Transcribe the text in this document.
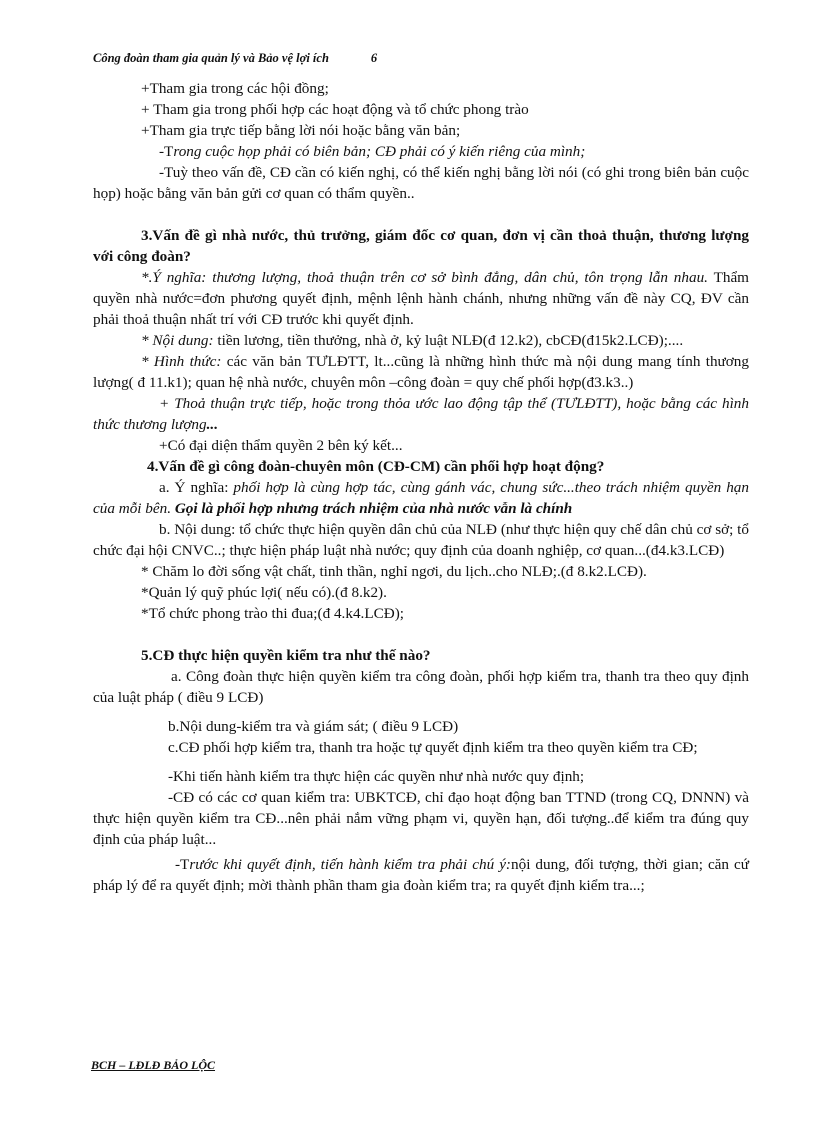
Công đoàn tham gia quản lý và Bảo vệ lợi ích	6
+Tham gia trong các hội đồng;
+ Tham gia trong phối hợp các hoạt động và tổ chức phong trào
+Tham gia trực tiếp bằng lời nói hoặc bằng văn bản;
-Trong cuộc họp phải có biên bản; CĐ phải có ý kiến riêng của mình;
-Tuỳ theo vấn đề, CĐ cần có kiến nghị, có thể kiến nghị bằng lời nói (có ghi trong biên bản cuộc họp) hoặc bằng văn bản gửi cơ quan có thẩm quyền..
3.Vấn đề gì nhà nước, thủ trưởng, giám đốc cơ quan, đơn vị cần thoả thuận, thương lượng với công đoàn?
*.Ý nghĩa: thương lượng, thoả thuận trên cơ sở bình đẳng, dân chủ, tôn trọng lẫn nhau. Thẩm quyền nhà nước=đơn phương quyết định, mệnh lệnh hành chánh, nhưng những vấn đề này CQ, ĐV cần phải thoả thuận nhất trí với CĐ trước khi quyết định.
* Nội dung: tiền lương, tiền thưởng, nhà ở, kỷ luật NLĐ(đ 12.k2), cbCĐ(đ15k2.LCĐ);....
* Hình thức: các văn bản TƯLĐTT, lt...cũng là những hình thức mà nội dung mang tính thương lượng( đ 11.k1); quan hệ nhà nước, chuyên môn –công đoàn = quy chế phối hợp(đ3.k3..)
+ Thoả thuận trực tiếp, hoặc trong thỏa ước lao động tập thể (TƯLĐTT), hoặc bằng các hình thức thương lượng...
+Có đại diện thẩm quyền 2 bên ký kết...
4.Vấn đề gì công đoàn-chuyên môn (CĐ-CM) cần phối hợp hoạt động?
a. Ý nghĩa: phối hợp là cùng hợp tác, cùng gánh vác, chung sức...theo trách nhiệm quyền hạn của mỗi bên. Gọi là phối hợp nhưng trách nhiệm của nhà nước vẫn là chính
b. Nội dung: tổ chức thực hiện quyền dân chủ của NLĐ (như thực hiện quy chế dân chủ cơ sở; tổ chức đại hội CNVC..; thực hiện pháp luật nhà nước; quy định của doanh nghiệp, cơ quan...(đ4.k3.LCĐ)
* Chăm lo đời sống vật chất, tinh thần, nghỉ ngơi, du lịch..cho NLĐ;.(đ 8.k2.LCĐ).
*Quản lý quỹ phúc lợi( nếu có).(đ 8.k2).
*Tổ chức phong trào thi đua;(đ 4.k4.LCĐ);
5.CĐ thực hiện quyền kiểm tra như thế nào?
a. Công đoàn thực hiện quyền kiểm tra công đoàn, phối hợp kiểm tra, thanh tra theo quy định của luật pháp ( điều 9 LCĐ)
b.Nội dung-kiểm tra và giám sát; ( điều 9 LCĐ)
c.CĐ phối hợp kiểm tra, thanh tra hoặc tự quyết định kiểm tra theo quyền kiểm tra CĐ;
-Khi tiến hành kiểm tra thực hiện các quyền như nhà nước quy định;
-CĐ có các cơ quan kiểm tra: UBKTCĐ, chỉ đạo hoạt động ban TTND (trong CQ, DNNN) và thực hiện quyền kiểm tra CĐ...nên phải nắm vững phạm vi, quyền hạn, đối tượng..để kiểm tra đúng quy định của pháp luật...
-Trước khi quyết định, tiến hành kiểm tra phải chú ý:nội dung, đối tượng, thời gian; căn cứ pháp lý để ra quyết định; mời thành phần tham gia đoàn kiểm tra; ra quyết định kiểm tra...;
BCH – LĐLĐ BẢO LỘC
